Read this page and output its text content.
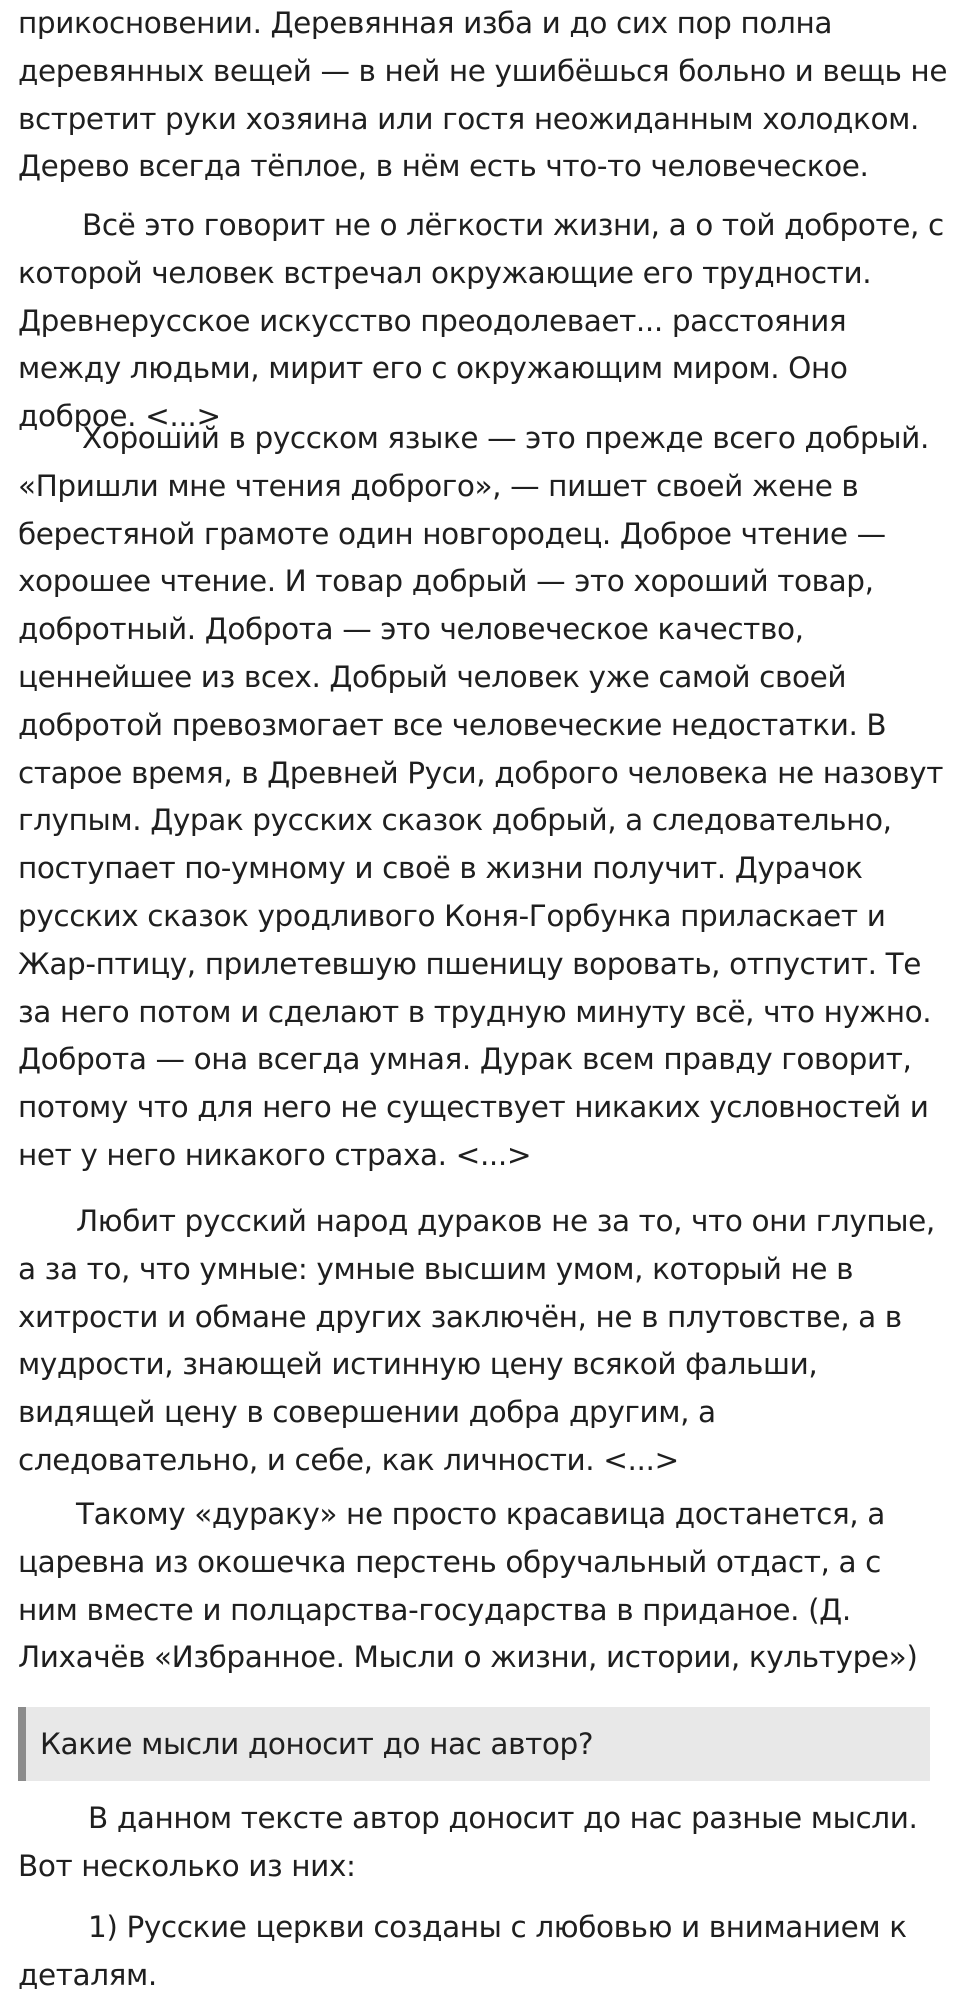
прикосновении. Деревянная изба и до сих пор полна деревянных вещей — в ней не ушибёшься больно и вещь не встретит руки хозяина или гостя неожиданным холодком. Дерево всегда тёплое, в нём есть что-то человеческое.

Всё это говорит не о лёгкости жизни, а о той доброте, с которой человек встречал окружающие его трудности. Древнерусское искусство преодолевает... расстояния между людьми, мирит его с окружающим миром. Оно доброе. <...>

Хороший в русском языке — это прежде всего добрый. «Пришли мне чтения доброго», — пишет своей жене в берестяной грамоте один новгородец. Доброе чтение — хорошее чтение. И товар добрый — это хороший товар, добротный. Доброта — это человеческое качество, ценнейшее из всех. Добрый человек уже самой своей добротой превозмогает все человеческие недостатки. В старое время, в Древней Руси, доброго человека не назовут глупым. Дурак русских сказок добрый, а следовательно, поступает по-умному и своё в жизни получит. Дурачок русских сказок уродливого Коня-Горбунка приласкает и Жар-птицу, прилетевшую пшеницу воровать, отпустит. Те за него потом и сделают в трудную минуту всё, что нужно. Доброта — она всегда умная. Дурак всем правду говорит, потому что для него не существует никаких условностей и нет у него никакого страха. <...>

Любит русский народ дураков не за то, что они глупые, а за то, что умные: умные высшим умом, который не в хитрости и обмане других заключён, не в плутовстве, а в мудрости, знающей истинную цену всякой фальши, видящей цену в совершении добра другим, а следовательно, и себе, как личности. <...>

Такому «дураку» не просто красавица достанется, а царевна из окошечка перстень обручальный отдаст, а с ним вместе и полцарства-государства в приданое. (Д. Лихачёв «Избранное. Мысли о жизни, истории, культуре»)

Какие мысли доносит до нас автор?

В данном тексте автор доносит до нас разные мысли. Вот несколько из них:

1) Русские церкви созданы с любовью и вниманием к деталям.
